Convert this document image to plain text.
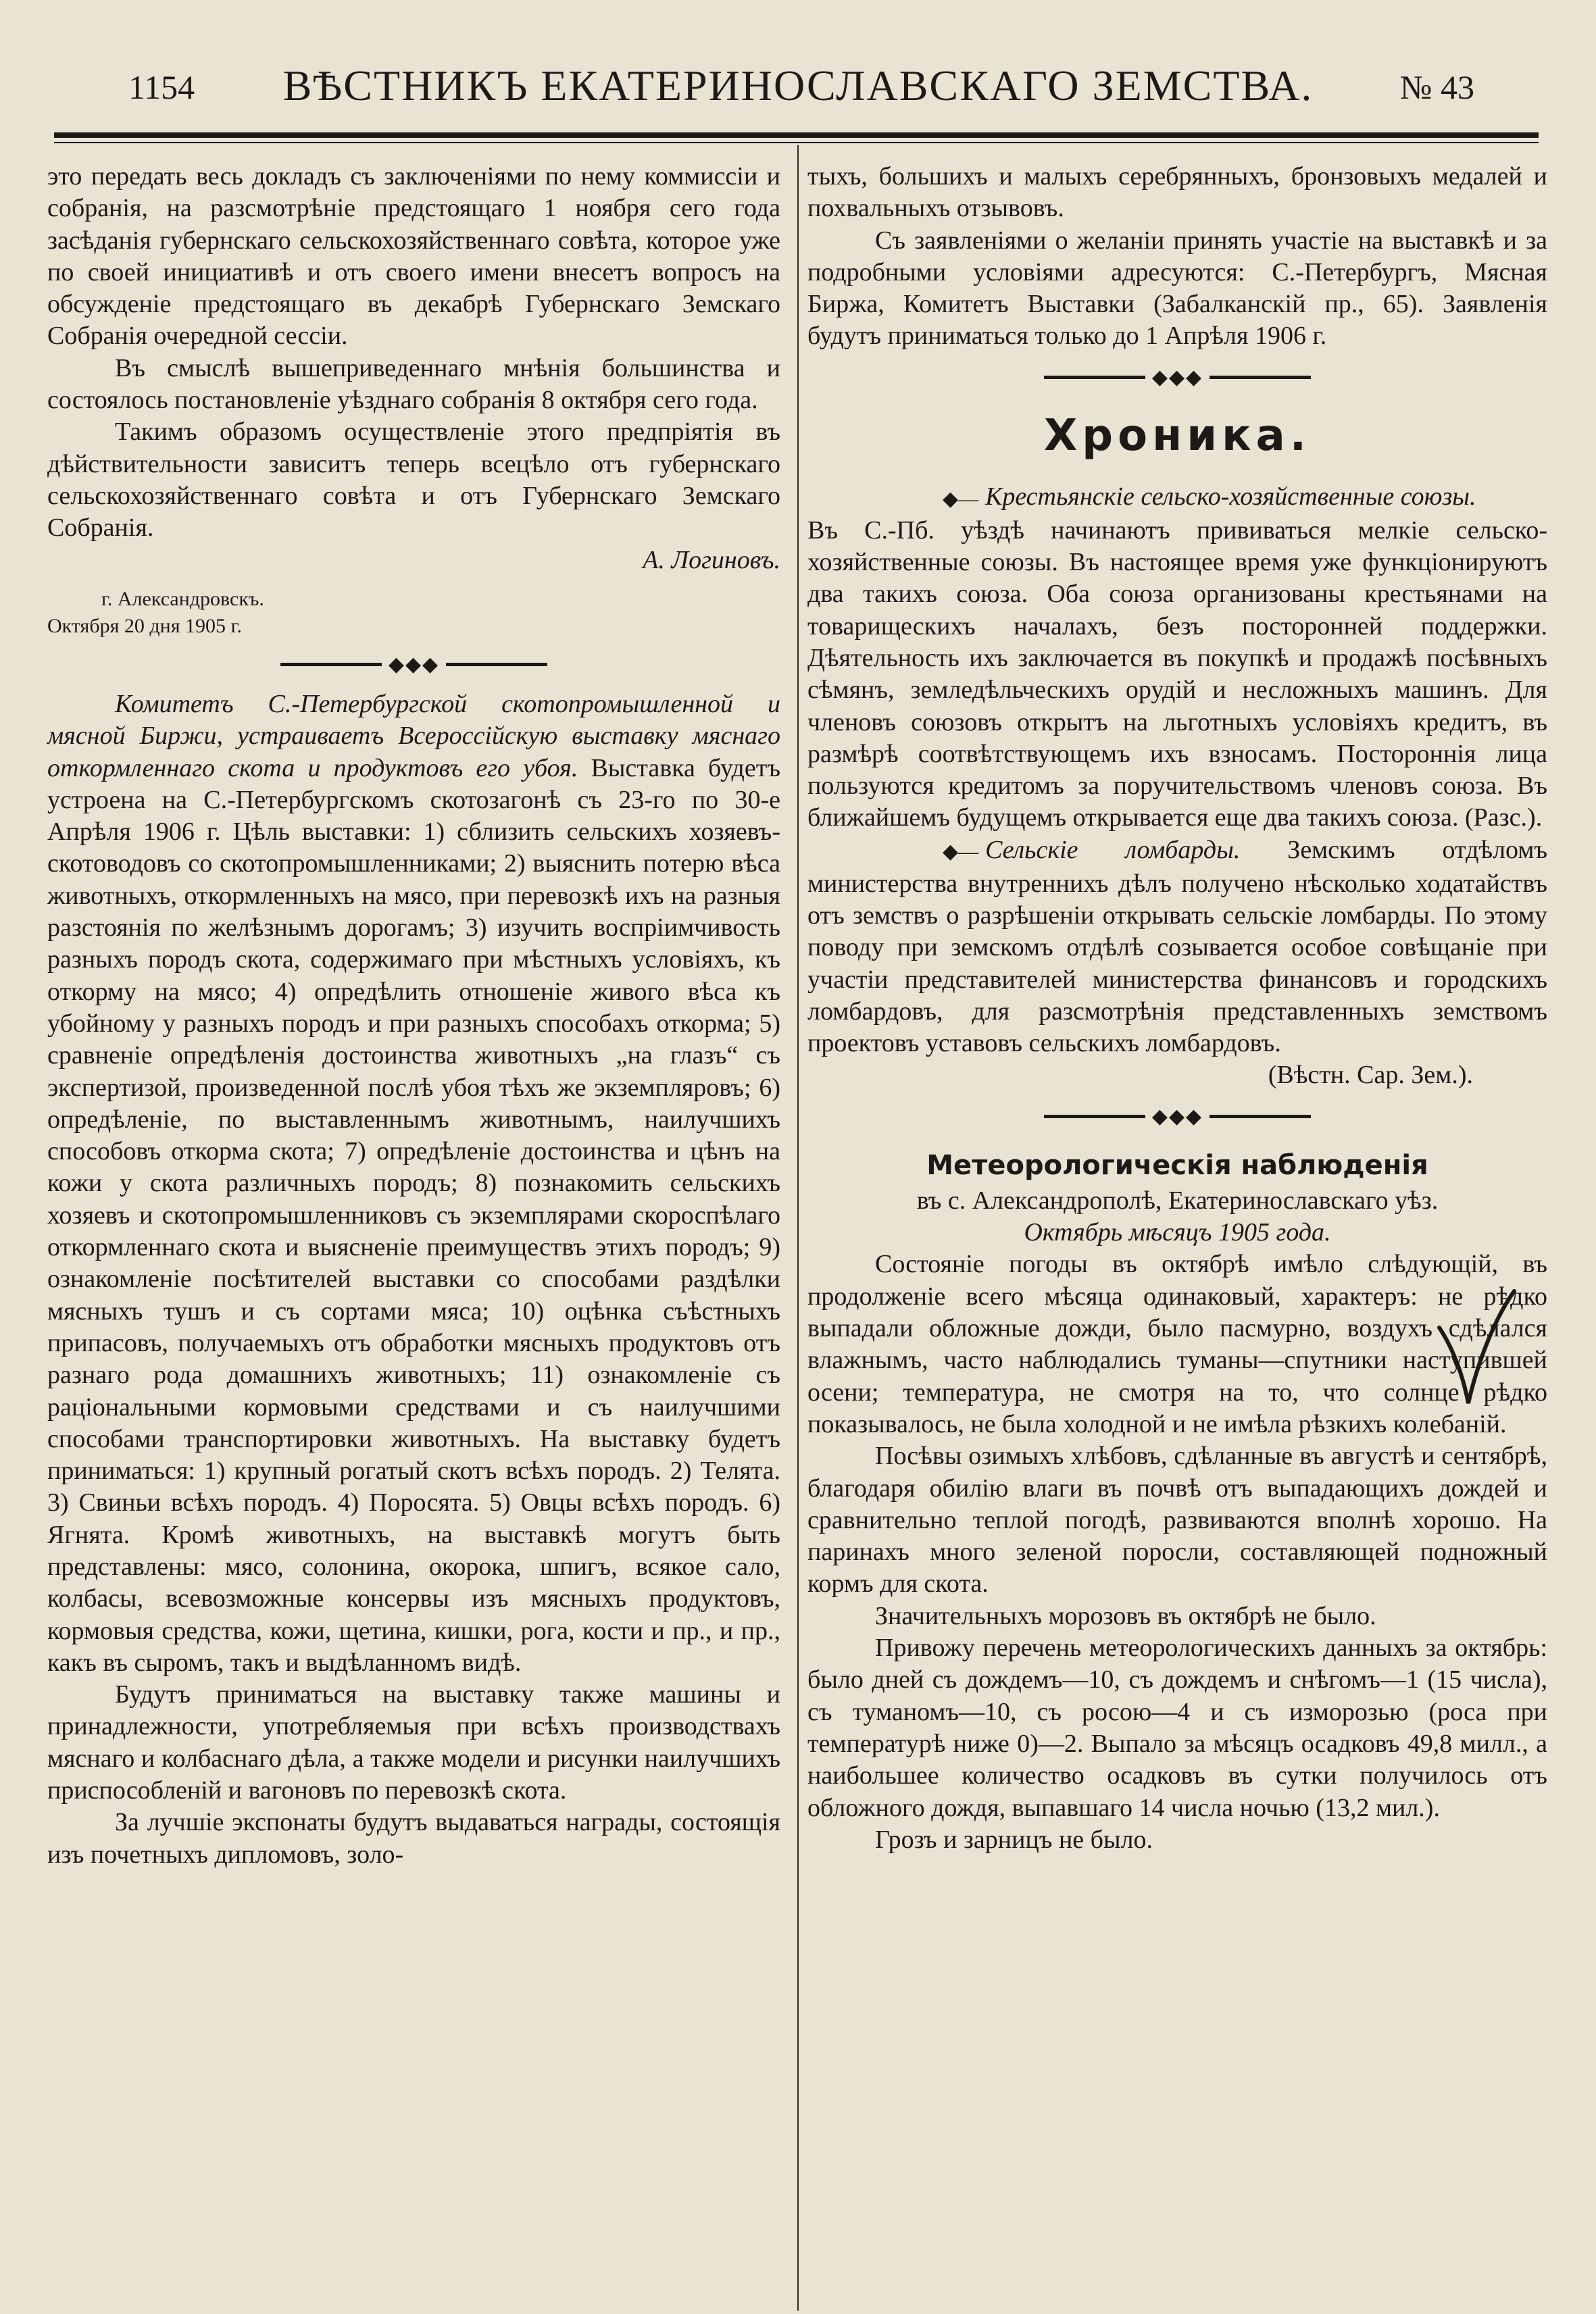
1154	ВѢСТНИКЪ ЕКАТЕРИНОСЛАВСКАГО ЗЕМСТВА.	№ 43

это передать весь докладъ съ заключеніями по нему коммиссіи и собранія, на разсмотрѣніе предстоящаго 1 ноября сего года засѣданія губернскаго сельскохозяйственнаго совѣта, которое уже по своей инициативѣ и отъ своего имени внесетъ вопросъ на обсужденіе предстоящаго въ декабрѣ Губернскаго Земскаго Собранія очередной сессіи.

Въ смыслѣ вышеприведеннаго мнѣнія большинства и состоялось постановленіе уѣзднаго собранія 8 октября сего года.

Такимъ образомъ осуществленіе этого предпріятія въ дѣйствительности зависитъ теперь всецѣло отъ губернскаго сельскохозяйственнаго совѣта и отъ Губернскаго Земскаго Собранія.

А. Логиновъ.

г. Александровскъ.

Октября 20 дня 1905 г.

◆◆◆

Комитетъ С.-Петербургской скотопромышленной и мясной Биржи, устраиваетъ Всероссійскую выставку мяснаго откормленнаго скота и продуктовъ его убоя. Выставка будетъ устроена на С.-Петербургскомъ скотозагонѣ съ 23-го по 30-е Апрѣля 1906 г. Цѣль выставки: 1) сблизить сельскихъ хозяевъ-скотоводовъ со скотопромышленниками; 2) выяснить потерю вѣса животныхъ, откормленныхъ на мясо, при перевозкѣ ихъ на разныя разстоянія по желѣзнымъ дорогамъ; 3) изучить воспріимчивость разныхъ породъ скота, содержимаго при мѣстныхъ условіяхъ, къ откорму на мясо; 4) опредѣлить отношеніе живого вѣса къ убойному у разныхъ породъ и при разныхъ способахъ откорма; 5) сравненіе опредѣленія достоинства животныхъ „на глазъ“ съ экспертизой, произведенной послѣ убоя тѣхъ же экземпляровъ; 6) опредѣленіе, по выставленнымъ животнымъ, наилучшихъ способовъ откорма скота; 7) опредѣленіе достоинства и цѣнъ на кожи у скота различныхъ породъ; 8) познакомить сельскихъ хозяевъ и скотопромышленниковъ съ экземплярами скороспѣлаго откормленнаго скота и выясненіе преимуществъ этихъ породъ; 9) ознакомленіе посѣтителей выставки со способами раздѣлки мясныхъ тушъ и съ сортами мяса; 10) оцѣнка съѣстныхъ припасовъ, получаемыхъ отъ обработки мясныхъ продуктовъ отъ разнаго рода домашнихъ животныхъ; 11) ознакомленіе съ раціональными кормовыми средствами и съ наилучшими способами транспортировки животныхъ. На выставку будетъ приниматься: 1) крупный рогатый скотъ всѣхъ породъ. 2) Телята. 3) Свиньи всѣхъ породъ. 4) Поросята. 5) Овцы всѣхъ породъ. 6) Ягнята. Кромѣ животныхъ, на выставкѣ могутъ быть представлены: мясо, солонина, окорока, шпигъ, всякое сало, колбасы, всевозможные консервы изъ мясныхъ продуктовъ, кормовыя средства, кожи, щетина, кишки, рога, кости и пр., и пр., какъ въ сыромъ, такъ и выдѣланномъ видѣ.

Будутъ приниматься на выставку также машины и принадлежности, употребляемыя при всѣхъ производствахъ мяснаго и колбаснаго дѣла, а также модели и рисунки наилучшихъ приспособленій и вагоновъ по перевозкѣ скота.

За лучшіе экспонаты будутъ выдаваться награды, состоящія изъ почетныхъ дипломовъ, золо-

тыхъ, большихъ и малыхъ серебрянныхъ, бронзовыхъ медалей и похвальныхъ отзывовъ.

Съ заявленіями о желаніи принять участіе на выставкѣ и за подробными условіями адресуются: С.-Петербургъ, Мясная Биржа, Комитетъ Выставки (Забалканскій пр., 65). Заявленія будутъ приниматься только до 1 Апрѣля 1906 г.

◆◆◆
Хроника.

◆— Крестьянскіе сельско-хозяйственные союзы.

Въ С.-Пб. уѣздѣ начинаютъ прививаться мелкіе сельско-хозяйственные союзы. Въ настоящее время уже функціонируютъ два такихъ союза. Оба союза организованы крестьянами на товарищескихъ началахъ, безъ посторонней поддержки. Дѣятельность ихъ заключается въ покупкѣ и продажѣ посѣвныхъ сѣмянъ, земледѣльческихъ орудій и несложныхъ машинъ. Для членовъ союзовъ открытъ на льготныхъ условіяхъ кредитъ, въ размѣрѣ соотвѣтствующемъ ихъ взносамъ. Постороннія лица пользуются кредитомъ за поручительствомъ членовъ союза. Въ ближайшемъ будущемъ открывается еще два такихъ союза. (Разс.).

◆— Сельскіе ломбарды. Земскимъ отдѣломъ министерства внутреннихъ дѣлъ получено нѣсколько ходатайствъ отъ земствъ о разрѣшеніи открывать сельскіе ломбарды. По этому поводу при земскомъ отдѣлѣ созывается особое совѣщаніе при участіи представителей министерства финансовъ и городскихъ ломбардовъ, для разсмотрѣнія представленныхъ земствомъ проектовъ уставовъ сельскихъ ломбардовъ.

(Вѣстн. Сар. Зем.).

◆◆◆
Метеорологическія наблюденія

въ с. Александрополѣ, Екатеринославскаго уѣз.

Октябрь мѣсяцъ 1905 года.

Состояніе погоды въ октябрѣ имѣло слѣдующій, въ продолженіе всего мѣсяца одинаковый, характеръ: не рѣдко выпадали обложные дожди, было пасмурно, воздухъ сдѣлался влажнымъ, часто наблюдались туманы—спутники наступившей осени; температура, не смотря на то, что солнце рѣдко показывалось, не была холодной и не имѣла рѣзкихъ колебаній.

Посѣвы озимыхъ хлѣбовъ, сдѣланные въ августѣ и сентябрѣ, благодаря обилію влаги въ почвѣ отъ выпадающихъ дождей и сравнительно теплой погодѣ, развиваются вполнѣ хорошо. На паринахъ много зеленой поросли, составляющей подножный кормъ для скота.

Значительныхъ морозовъ въ октябрѣ не было.

Привожу перечень метеорологическихъ данныхъ за октябрь: было дней съ дождемъ—10, съ дождемъ и снѣгомъ—1 (15 числа), съ туманомъ—10, съ росою—4 и съ изморозью (роса при температурѣ ниже 0)—2. Выпало за мѣсяцъ осадковъ 49,8 милл., а наибольшее количество осадковъ въ сутки получилось отъ обложного дождя, выпавшаго 14 числа ночью (13,2 мил.).

Грозъ и зарницъ не было.
